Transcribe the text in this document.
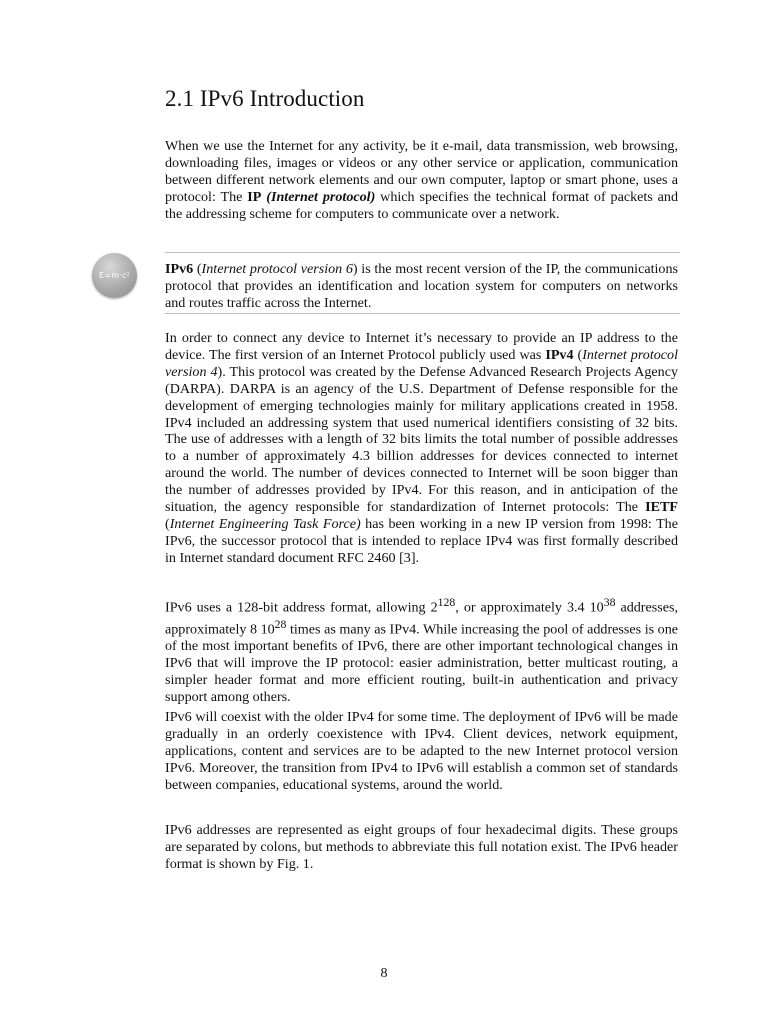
2.1 IPv6 Introduction

When we use the Internet for any activity, be it e-mail, data transmission, web browsing, downloading files, images or videos or any other service or application, communication between different network elements and our own computer, laptop or smart phone, uses a protocol: The IP (Internet protocol) which specifies the technical format of packets and the addressing scheme for computers to communicate over a network.

E=m·c² IPv6 (Internet protocol version 6) is the most recent version of the IP, the communications protocol that provides an identification and location system for computers on networks and routes traffic across the Internet.

In order to connect any device to Internet it’s necessary to provide an IP address to the device. The first version of an Internet Protocol publicly used was IPv4 (Internet protocol version 4). This protocol was created by the Defense Advanced Research Projects Agency (DARPA). DARPA is an agency of the U.S. Department of Defense responsible for the development of emerging technologies mainly for military applications created in 1958. IPv4 included an addressing system that used numerical identifiers consisting of 32 bits. The use of addresses with a length of 32 bits limits the total number of possible addresses to a number of approximately 4.3 billion addresses for devices connected to internet around the world. The number of devices connected to Internet will be soon bigger than the number of addresses provided by IPv4. For this reason, and in anticipation of the situation, the agency responsible for standardization of Internet protocols: The IETF (Internet Engineering Task Force) has been working in a new IP version from 1998: The IPv6, the successor protocol that is intended to replace IPv4 was first formally described in Internet standard document RFC 2460 [3].

IPv6 uses a 128-bit address format, allowing $2^{128}$, or approximately 3.4 $10^{38}$ addresses, approximately 8 $10^{28}$ times as many as IPv4. While increasing the pool of addresses is one of the most important benefits of IPv6, there are other important technological changes in IPv6 that will improve the IP protocol: easier administration, better multicast routing, a simpler header format and more efficient routing, built-in authentication and privacy support among others.

IPv6 will coexist with the older IPv4 for some time. The deployment of IPv6 will be made gradually in an orderly coexistence with IPv4. Client devices, network equipment, applications, content and services are to be adapted to the new Internet protocol version IPv6. Moreover, the transition from IPv4 to IPv6 will establish a common set of standards between companies, educational systems, around the world.

IPv6 addresses are represented as eight groups of four hexadecimal digits. These groups are separated by colons, but methods to abbreviate this full notation exist. The IPv6 header format is shown by Fig. 1.

8
